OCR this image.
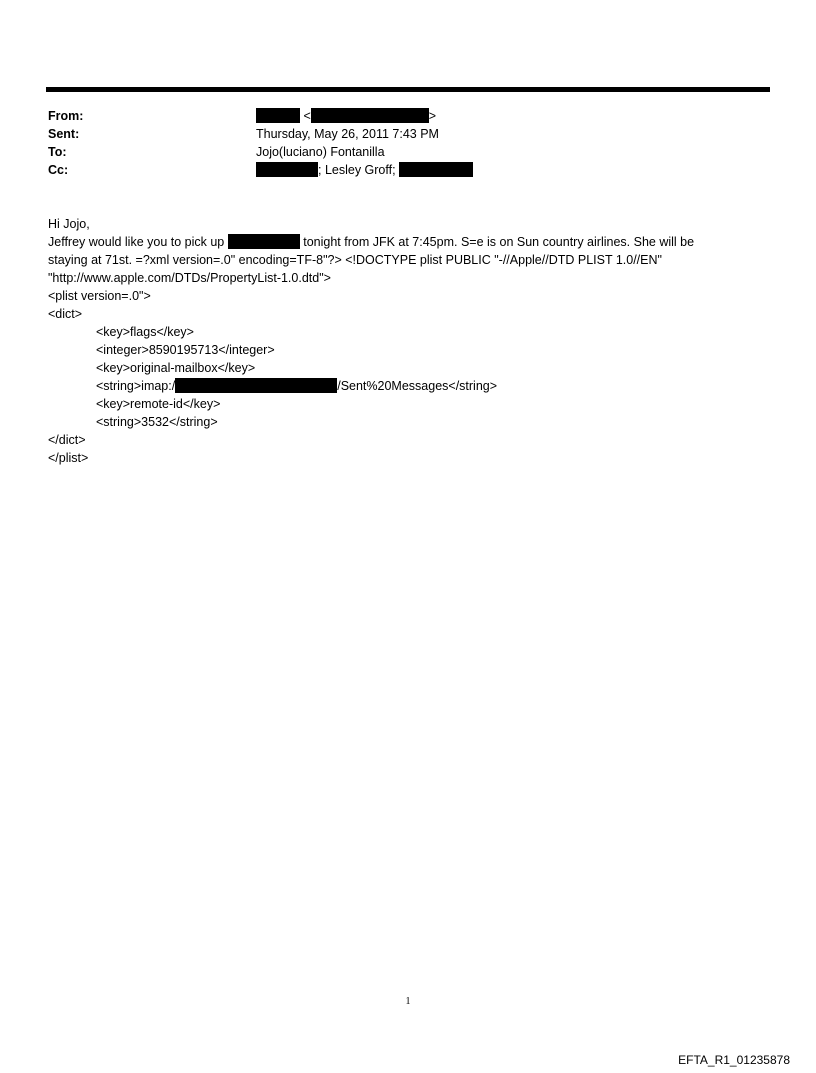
From:	<	>
Sent:	Thursday, May 26, 2011 7:43 PM
To:	Jojo(luciano) Fontanilla
Cc:	; Lesley Groff;
Hi Jojo,
Jeffrey would like you to pick up	tonight from JFK at 7:45pm. S=e is on Sun country airlines. She will be
staying at 71st. =?xml version=.0" encoding=TF-8"?> <!DOCTYPE plist PUBLIC "-//Apple//DTD PLIST 1.0//EN"
"http://www.apple.com/DTDs/PropertyList-1.0.dtd">
<plist version=.0">
<dict>
<key>flags</key>
<integer>8590195713</integer>
<key>original-mailbox</key>
<string>imap:/	/Sent%20Messages</string>
<key>remote-id</key>
<string>3532</string>
</dict>
</plist>
1
EFTA_R1_01235878
